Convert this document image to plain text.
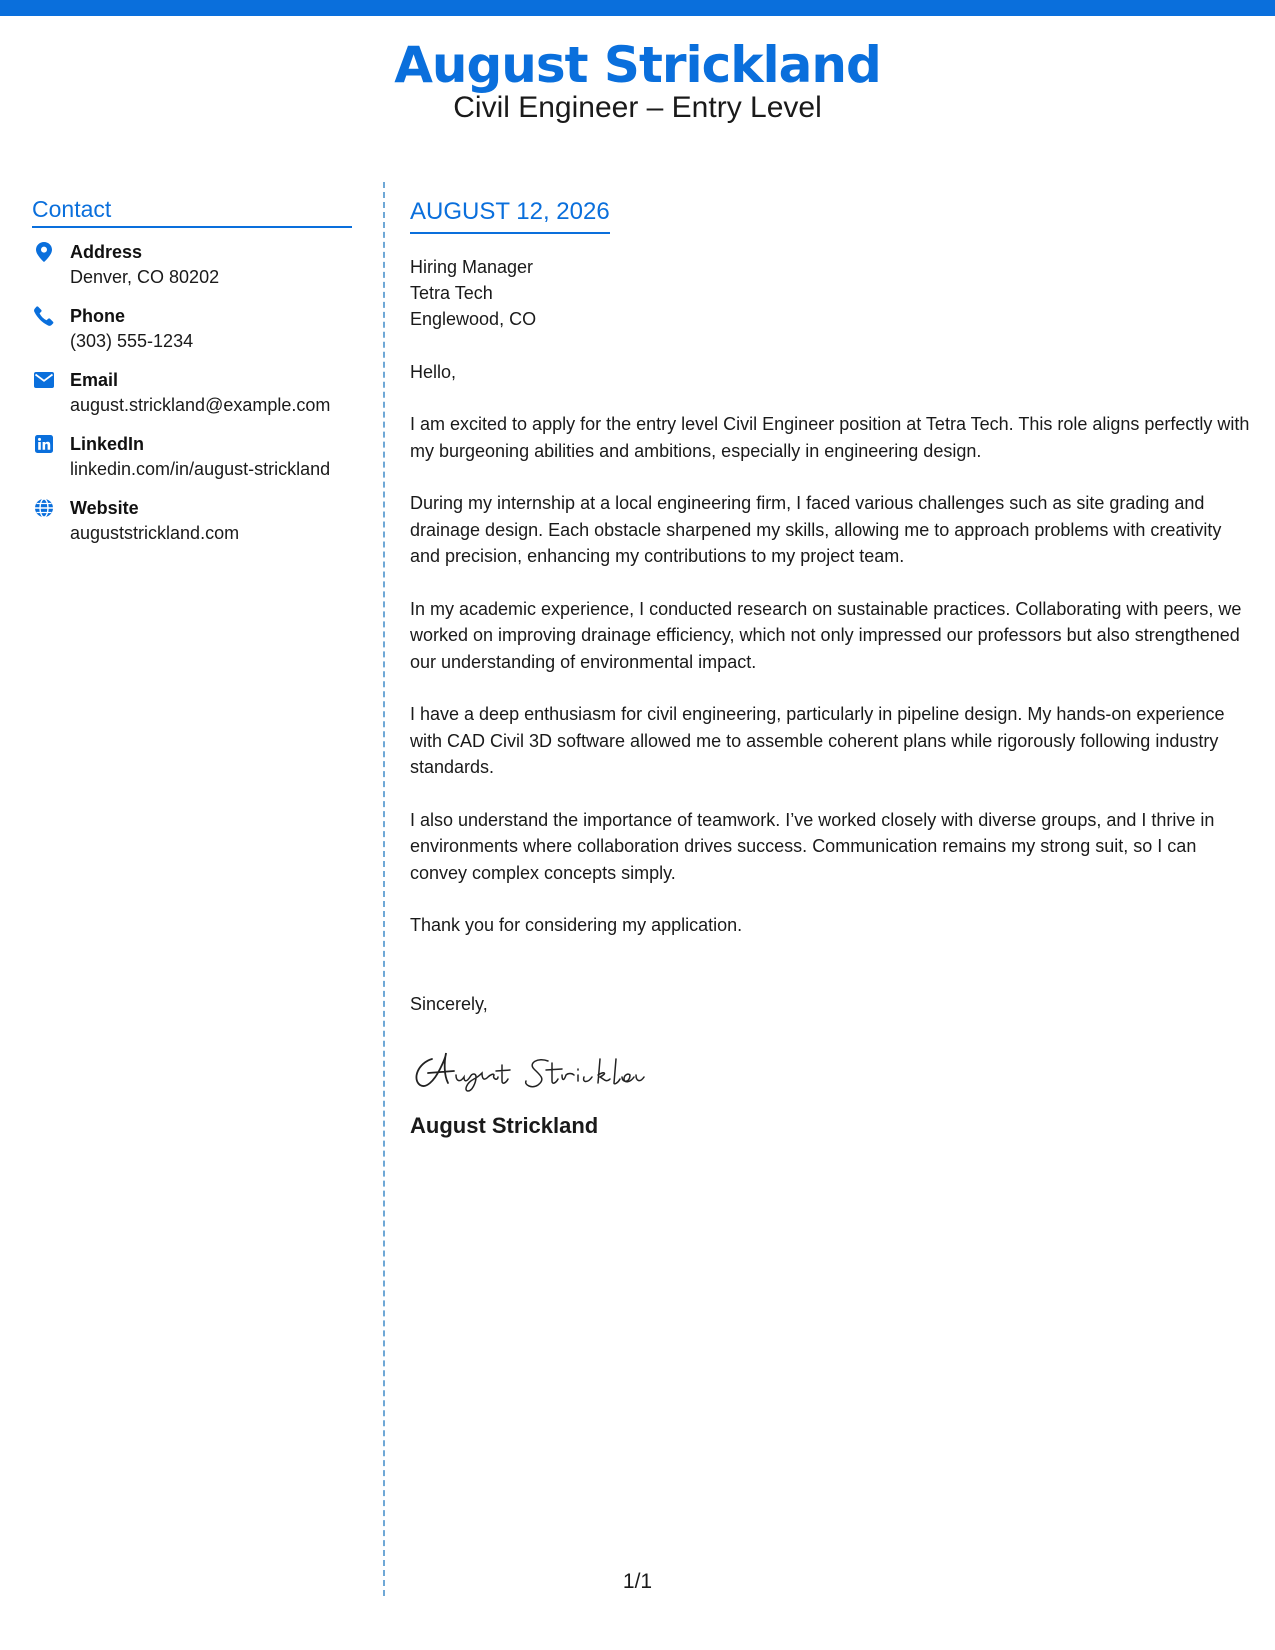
August Strickland
Civil Engineer – Entry Level
Contact
Address
Denver, CO 80202
Phone
(303) 555-1234
Email
august.strickland@example.com
LinkedIn
linkedin.com/in/august-strickland
Website
auguststrickland.com
AUGUST 12, 2026
Hiring Manager
Tetra Tech
Englewood, CO
Hello,
I am excited to apply for the entry level Civil Engineer position at Tetra Tech. This role aligns perfectly with my burgeoning abilities and ambitions, especially in engineering design.
During my internship at a local engineering firm, I faced various challenges such as site grading and drainage design. Each obstacle sharpened my skills, allowing me to approach problems with creativity and precision, enhancing my contributions to my project team.
In my academic experience, I conducted research on sustainable practices. Collaborating with peers, we worked on improving drainage efficiency, which not only impressed our professors but also strengthened our understanding of environmental impact.
I have a deep enthusiasm for civil engineering, particularly in pipeline design. My hands-on experience with CAD Civil 3D software allowed me to assemble coherent plans while rigorously following industry standards.
I also understand the importance of teamwork. I’ve worked closely with diverse groups, and I thrive in environments where collaboration drives success. Communication remains my strong suit, so I can convey complex concepts simply.
Thank you for considering my application.
Sincerely,
August Strickland
1/1
